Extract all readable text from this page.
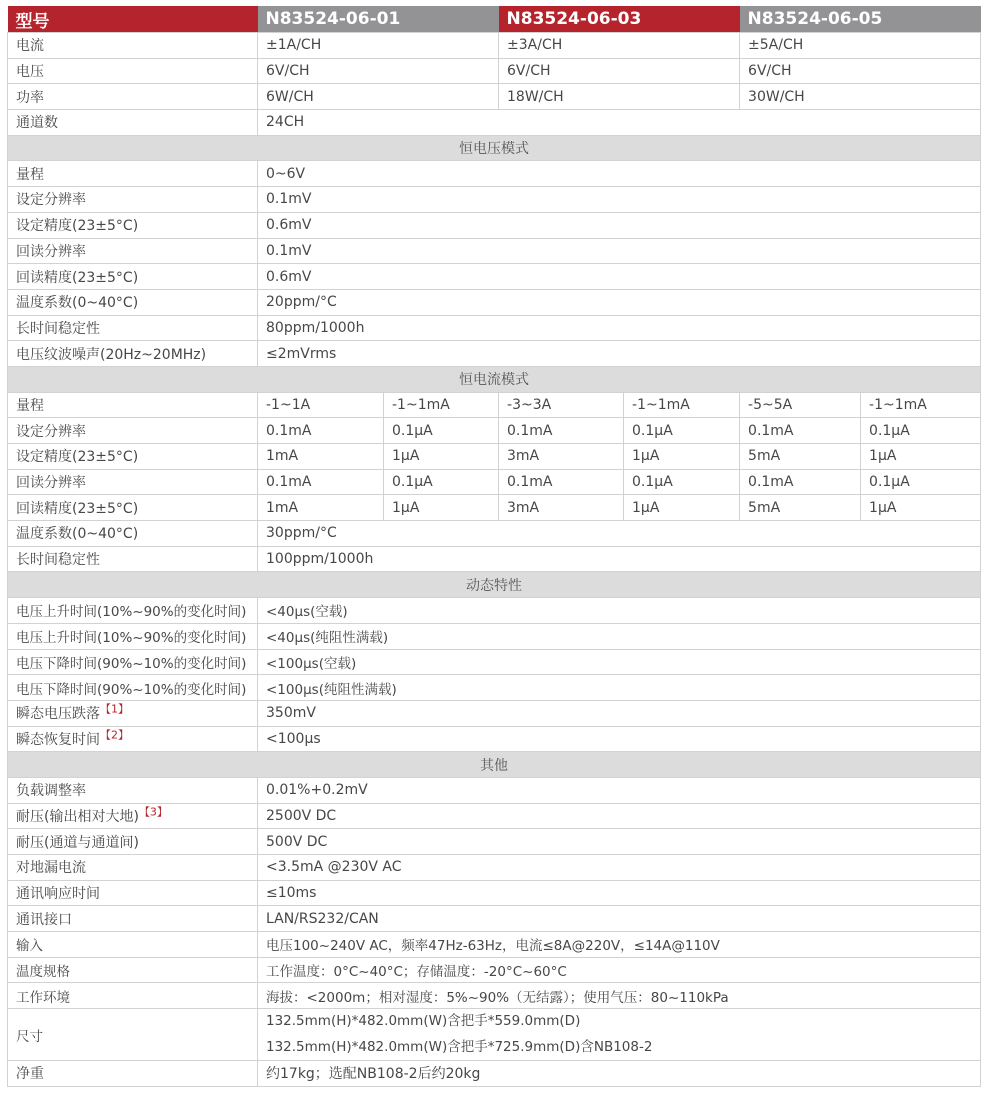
型号	N83524-06-01		N83524-06-03		N83524-06-05	
电流	±1A/CH		±3A/CH		±5A/CH	
电压	6V/CH		6V/CH		6V/CH	
功率	6W/CH		18W/CH		30W/CH	
通道数	24CH					
恒电压模式						
量程	0~6V					
设定分辨率	0.1mV					
设定精度(23±5°C)	0.6mV					
回读分辨率	0.1mV					
回读精度(23±5°C)	0.6mV					
温度系数(0~40°C)	20ppm/°C					
长时间稳定性	80ppm/1000h					
电压纹波噪声(20Hz~20MHz)	≤2mVrms					
恒电流模式						
量程	-1~1A	-1~1mA	-3~3A	-1~1mA	-5~5A	-1~1mA
设定分辨率	0.1mA	0.1μA	0.1mA	0.1μA	0.1mA	0.1μA
设定精度(23±5°C)	1mA	1μA	3mA	1μA	5mA	1μA
回读分辨率	0.1mA	0.1μA	0.1mA	0.1μA	0.1mA	0.1μA
回读精度(23±5°C)	1mA	1μA	3mA	1μA	5mA	1μA
温度系数(0~40°C)	30ppm/°C					
长时间稳定性	100ppm/1000h					
动态特性						
电压上升时间(10%~90%的变化时间)	<40μs(空载)					
电压上升时间(10%~90%的变化时间)	<40μs(纯阻性满载)					
电压下降时间(90%~10%的变化时间)	<100μs(空载)					
电压下降时间(90%~10%的变化时间)	<100μs(纯阻性满载)					
瞬态电压跌落$^{【1】}$	350mV					
瞬态恢复时间$^{【2】}$	<100μs					
其他						
负载调整率	0.01%+0.2mV					
耐压(输出相对大地)$^{【3】}$	2500V DC					
耐压(通道与通道间)	500V DC					
对地漏电流	<3.5mA @230V AC					
通讯响应时间	≤10ms					
通讯接口	LAN/RS232/CAN					
输入	电压100~240V AC，频率47Hz-63Hz，电流≤8A@220V，≤14A@110V					
温度规格	工作温度：0°C~40°C；存储温度：-20°C~60°C					
工作环境	海拔：<2000m；相对湿度：5%~90%（无结露）；使用气压：80~110kPa					
尺寸	132.5mm(H)*482.0mm(W)含把手*559.0mm(D)
132.5mm(H)*482.0mm(W)含把手*725.9mm(D)含NB108-2					

净重	约17kg；选配NB108-2后约20kg					
